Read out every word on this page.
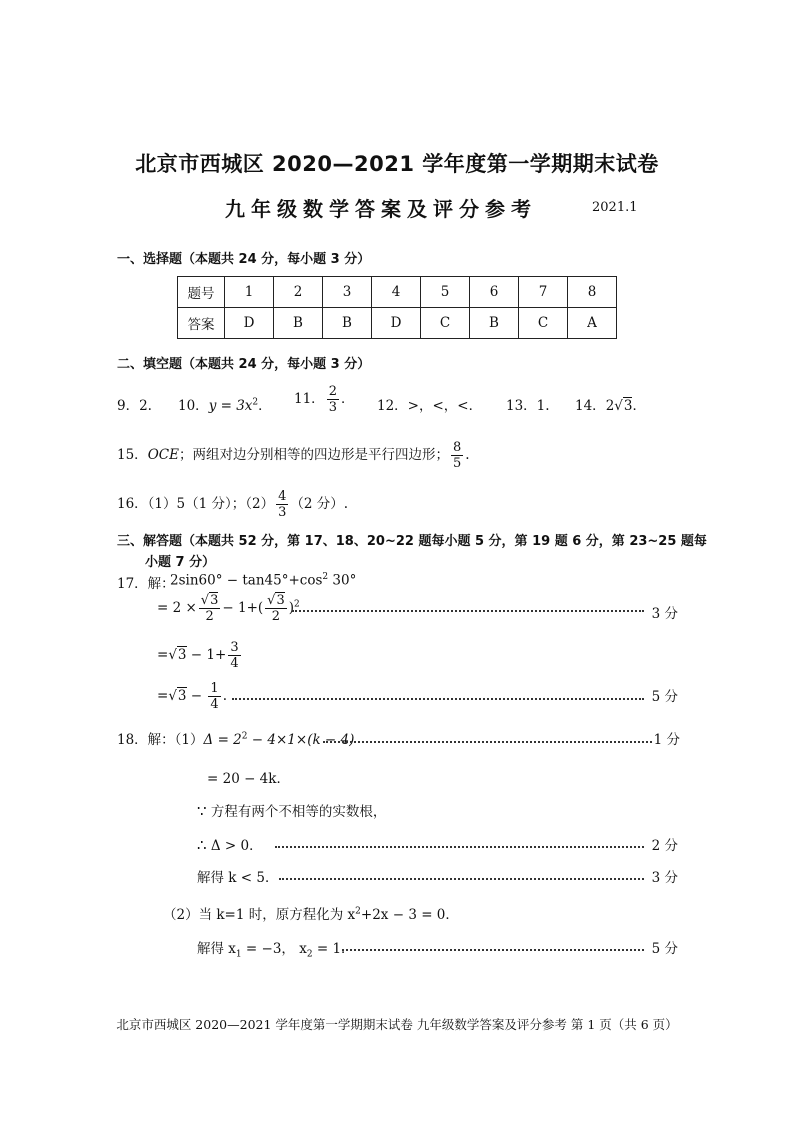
北京市西城区 2020—2021 学年度第一学期期末试卷
九年级数学答案及评分参考	2021.1
一、选择题（本题共 24 分，每小题 3 分）
题号	1	2	3	4	5	6	7	8
答案	D	B	B	D	C	B	C	A
二、填空题（本题共 24 分，每小题 3 分）
9．2. 10．$y = 3x^2$． 11． $\frac{2}{3}$ ． 12．>，<，<． 13．1. 14．2√3．
15．OCE；两组对边分别相等的四边形是平行四边形； $\frac{8}{5}$ .
16．（1）5（1 分）；$(2) \frac{4}{3} (2$ 分）.
三、解答题（本题共 52 分，第 17、18、20~22 题每小题 5 分，第 19 题 6 分，第 23~25 题每
小题 7 分）
17．解：
$2\sin 60^\circ - \tan 45^\circ+\cos^2$ 30°
= $2 \times \frac{√3}{2} - 1+( \frac{√3}{2} )^2$
3 分
$=√3 - 1+ \frac{3}{4}$
$=√3 - \frac{1}{4}$ .	5 分
18．解：$(1)\Delta = 2^2 - 4\times 1\times(k - 4)$	1 分
= 20 − 4k．
∵ 方程有两个不相等的实数根，
∴ Δ > 0．	2 分
解得 k < 5．	3 分
（2）当 k=1 时，原方程化为 $x^2+2x - 3 = 0$．
解得 $x_1 = -3$， $x_2 = 1$．	5 分
北京市西城区 2020—2021 学年度第一学期期末试卷 九年级数学答案及评分参考 第 1 页（共 6 页）
